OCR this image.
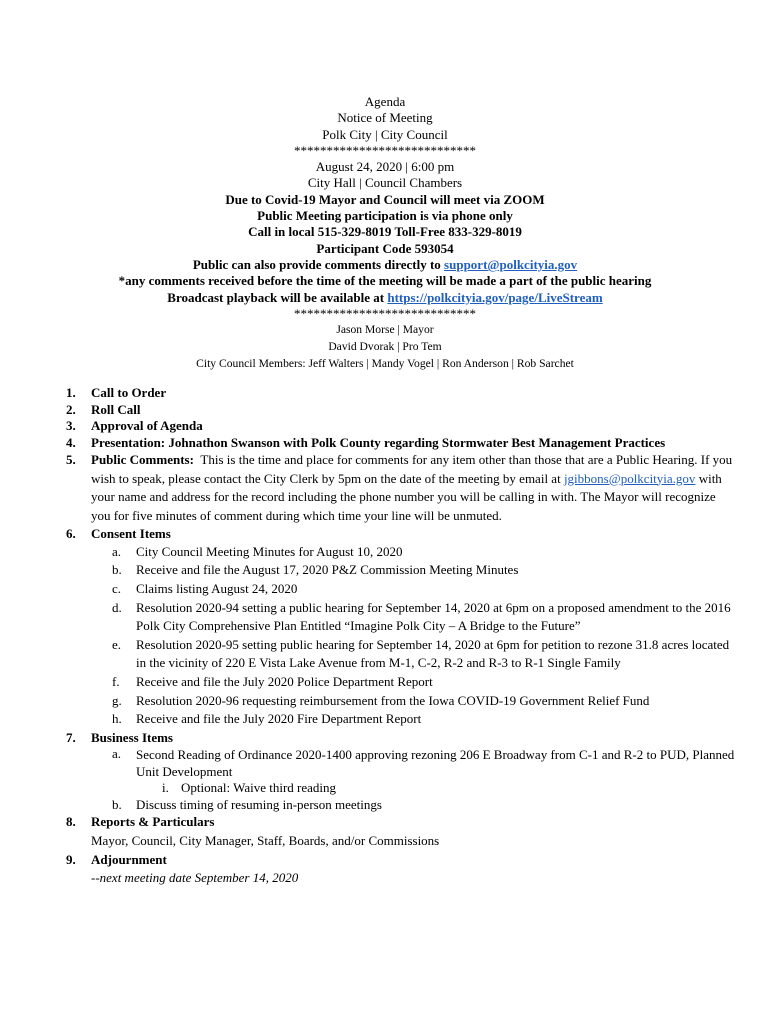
Agenda
Notice of Meeting
Polk City | City Council
****************************
August 24, 2020 | 6:00 pm
City Hall | Council Chambers
Due to Covid-19 Mayor and Council will meet via ZOOM
Public Meeting participation is via phone only
Call in local 515-329-8019 Toll-Free 833-329-8019
Participant Code 593054
Public can also provide comments directly to support@polkcityia.gov
*any comments received before the time of the meeting will be made a part of the public hearing
Broadcast playback will be available at https://polkcityia.gov/page/LiveStream
****************************
Jason Morse | Mayor
David Dvorak | Pro Tem
City Council Members: Jeff Walters | Mandy Vogel | Ron Anderson | Rob Sarchet
1. Call to Order
2. Roll Call
3. Approval of Agenda
4. Presentation: Johnathon Swanson with Polk County regarding Stormwater Best Management Practices
5. Public Comments: This is the time and place for comments for any item other than those that are a Public Hearing. If you wish to speak, please contact the City Clerk by 5pm on the date of the meeting by email at jgibbons@polkcityia.gov with your name and address for the record including the phone number you will be calling in with. The Mayor will recognize you for five minutes of comment during which time your line will be unmuted.
6. Consent Items
a. City Council Meeting Minutes for August 10, 2020
b. Receive and file the August 17, 2020 P&Z Commission Meeting Minutes
c. Claims listing August 24, 2020
d. Resolution 2020-94 setting a public hearing for September 14, 2020 at 6pm on a proposed amendment to the 2016 Polk City Comprehensive Plan Entitled “Imagine Polk City – A Bridge to the Future”
e. Resolution 2020-95 setting public hearing for September 14, 2020 at 6pm for petition to rezone 31.8 acres located in the vicinity of 220 E Vista Lake Avenue from M-1, C-2, R-2 and R-3 to R-1 Single Family
f. Receive and file the July 2020 Police Department Report
g. Resolution 2020-96 requesting reimbursement from the Iowa COVID-19 Government Relief Fund
h. Receive and file the July 2020 Fire Department Report
7. Business Items
a. Second Reading of Ordinance 2020-1400 approving rezoning 206 E Broadway from C-1 and R-2 to PUD, Planned Unit Development
i. Optional: Waive third reading
b. Discuss timing of resuming in-person meetings
8. Reports & Particulars
Mayor, Council, City Manager, Staff, Boards, and/or Commissions
9. Adjournment
--next meeting date September 14, 2020
